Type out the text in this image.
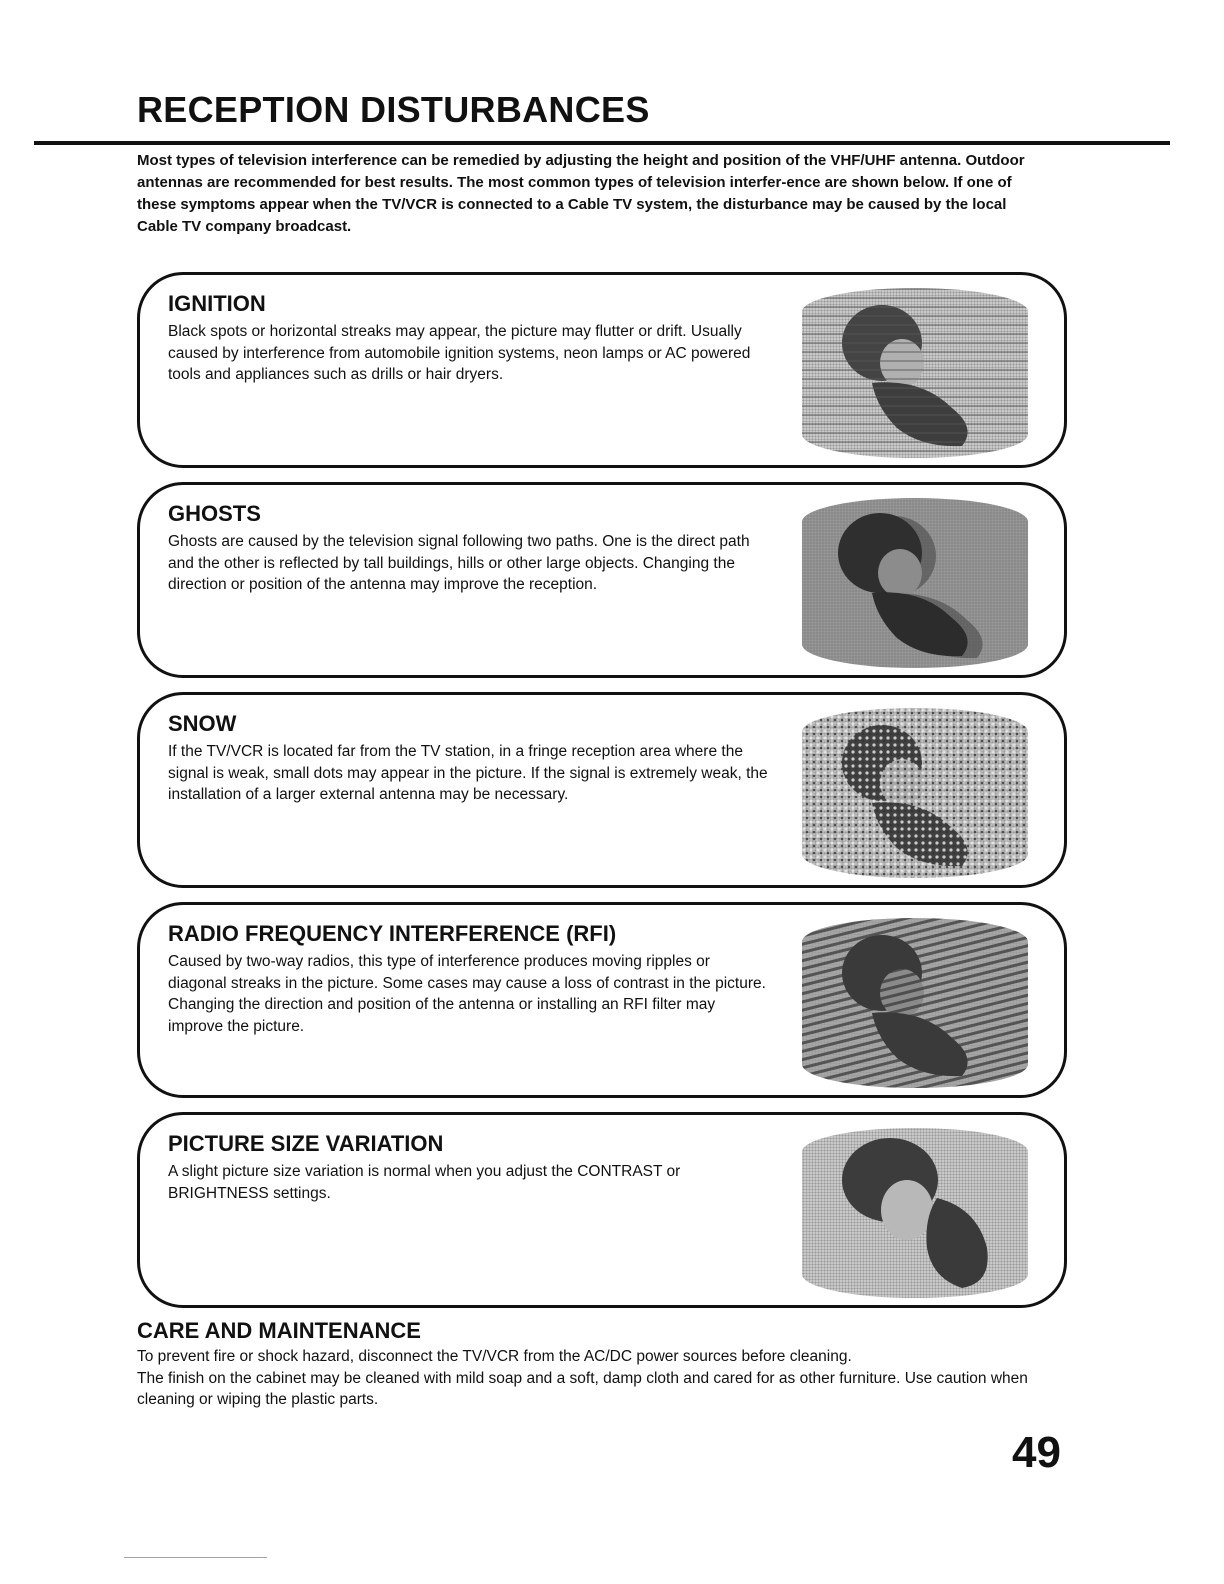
RECEPTION DISTURBANCES

Most types of television interference can be remedied by adjusting the height and position of the VHF/UHF antenna. Outdoor antennas are recommended for best results. The most common types of television interfer-ence are shown below. If one of these symptoms appear when the TV/VCR is connected to a Cable TV system, the disturbance may be caused by the local Cable TV company broadcast.

IGNITION

Black spots or horizontal streaks may appear, the picture may flutter or drift. Usually caused by interference from automobile ignition systems, neon lamps or AC powered tools and appliances such as drills or hair dryers.

GHOSTS

Ghosts are caused by the television signal following two paths. One is the direct path and the other is reflected by tall buildings, hills or other large objects. Changing the direction or position of the antenna may improve the reception.

SNOW

If the TV/VCR is located far from the TV station, in a fringe reception area where the signal is weak, small dots may appear in the picture. If the signal is extremely weak, the installation of a larger external antenna may be necessary.

RADIO FREQUENCY INTERFERENCE (RFI)

Caused by two-way radios, this type of interference produces moving ripples or diagonal streaks in the picture. Some cases may cause a loss of contrast in the picture. Changing the direction and position of the antenna or installing an RFI filter may improve the picture.

PICTURE SIZE VARIATION

A slight picture size variation is normal when you adjust the CONTRAST or BRIGHTNESS settings.

CARE AND MAINTENANCE

To prevent fire or shock hazard, disconnect the TV/VCR from the AC/DC power sources before cleaning.
The finish on the cabinet may be cleaned with mild soap and a soft, damp cloth and cared for as other furniture. Use caution when cleaning or wiping the plastic parts.

49
